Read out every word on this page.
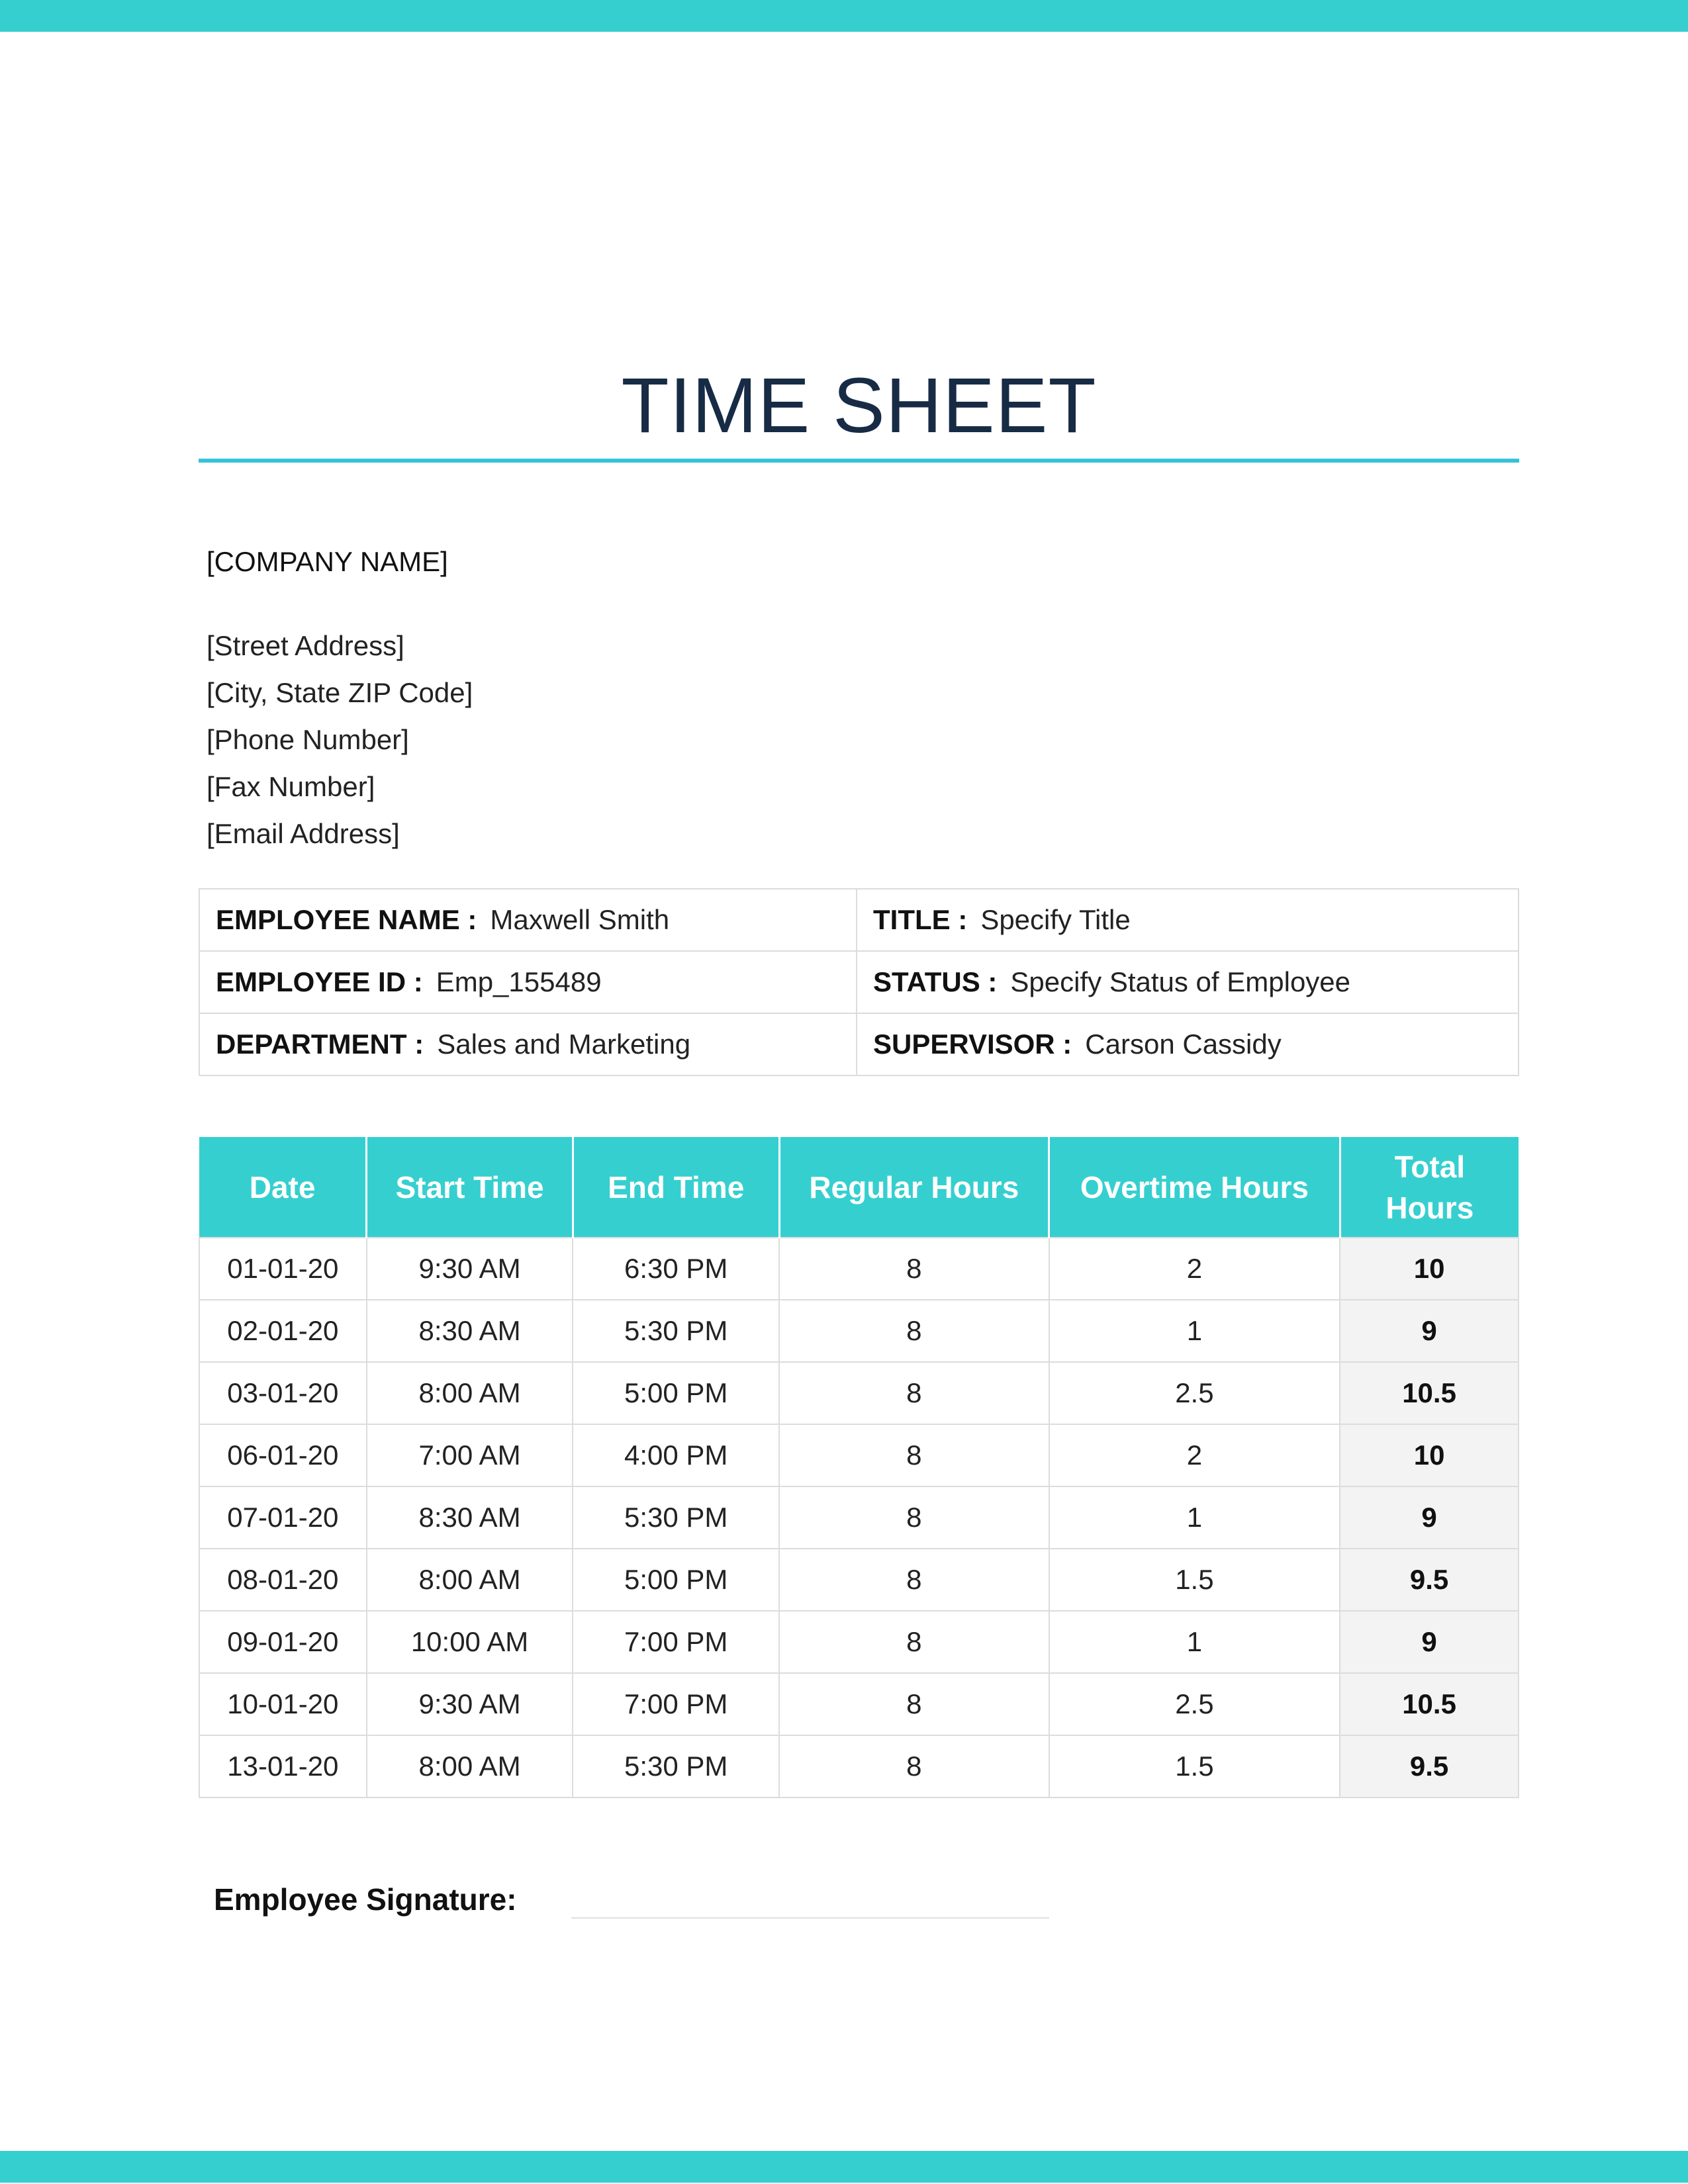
TIME SHEET
[COMPANY NAME]
[Street Address]
[City, State ZIP Code]
[Phone Number]
[Fax Number]
[Email Address]
EMPLOYEE NAME : Maxwell Smith	TITLE : Specify Title
EMPLOYEE ID : Emp_155489	STATUS : Specify Status of Employee
DEPARTMENT : Sales and Marketing	SUPERVISOR : Carson Cassidy
Date	Start Time	End Time	Regular Hours	Overtime Hours	Total Hours
01-01-20	9:30 AM	6:30 PM	8	2	10
02-01-20	8:30 AM	5:30 PM	8	1	9
03-01-20	8:00 AM	5:00 PM	8	2.5	10.5
06-01-20	7:00 AM	4:00 PM	8	2	10
07-01-20	8:30 AM	5:30 PM	8	1	9
08-01-20	8:00 AM	5:00 PM	8	1.5	9.5
09-01-20	10:00 AM	7:00 PM	8	1	9
10-01-20	9:30 AM	7:00 PM	8	2.5	10.5
13-01-20	8:00 AM	5:30 PM	8	1.5	9.5
Employee Signature:
